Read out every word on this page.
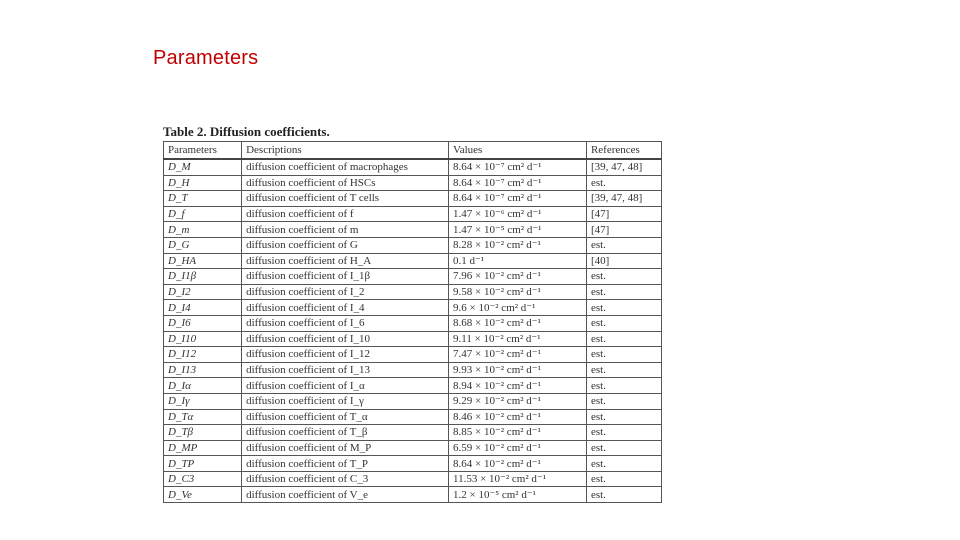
Parameters
Table 2. Diffusion coefficients.
Parameters	Descriptions	Values	References
D_M	diffusion coefficient of macrophages	8.64 × 10⁻⁷ cm² d⁻¹	[39, 47, 48]
D_H	diffusion coefficient of HSCs	8.64 × 10⁻⁷ cm² d⁻¹	est.
D_T	diffusion coefficient of T cells	8.64 × 10⁻⁷ cm² d⁻¹	[39, 47, 48]
D_f	diffusion coefficient of f	1.47 × 10⁻⁶ cm² d⁻¹	[47]
D_m	diffusion coefficient of m	1.47 × 10⁻⁵ cm² d⁻¹	[47]
D_G	diffusion coefficient of G	8.28 × 10⁻² cm² d⁻¹	est.
D_HA	diffusion coefficient of H_A	0.1 d⁻¹	[40]
D_I1β	diffusion coefficient of I_1β	7.96 × 10⁻² cm² d⁻¹	est.
D_I2	diffusion coefficient of I_2	9.58 × 10⁻² cm² d⁻¹	est.
D_I4	diffusion coefficient of I_4	9.6 × 10⁻² cm² d⁻¹	est.
D_I6	diffusion coefficient of I_6	8.68 × 10⁻² cm² d⁻¹	est.
D_I10	diffusion coefficient of I_10	9.11 × 10⁻² cm² d⁻¹	est.
D_I12	diffusion coefficient of I_12	7.47 × 10⁻² cm² d⁻¹	est.
D_I13	diffusion coefficient of I_13	9.93 × 10⁻² cm² d⁻¹	est.
D_Iα	diffusion coefficient of I_α	8.94 × 10⁻² cm² d⁻¹	est.
D_Iγ	diffusion coefficient of I_γ	9.29 × 10⁻² cm² d⁻¹	est.
D_Tα	diffusion coefficient of T_α	8.46 × 10⁻² cm² d⁻¹	est.
D_Tβ	diffusion coefficient of T_β	8.85 × 10⁻² cm² d⁻¹	est.
D_MP	diffusion coefficient of M_P	6.59 × 10⁻² cm² d⁻¹	est.
D_TP	diffusion coefficient of T_P	8.64 × 10⁻² cm² d⁻¹	est.
D_C3	diffusion coefficient of C_3	11.53 × 10⁻² cm² d⁻¹	est.
D_Ve	diffusion coefficient of V_e	1.2 × 10⁻⁵ cm² d⁻¹	est.
